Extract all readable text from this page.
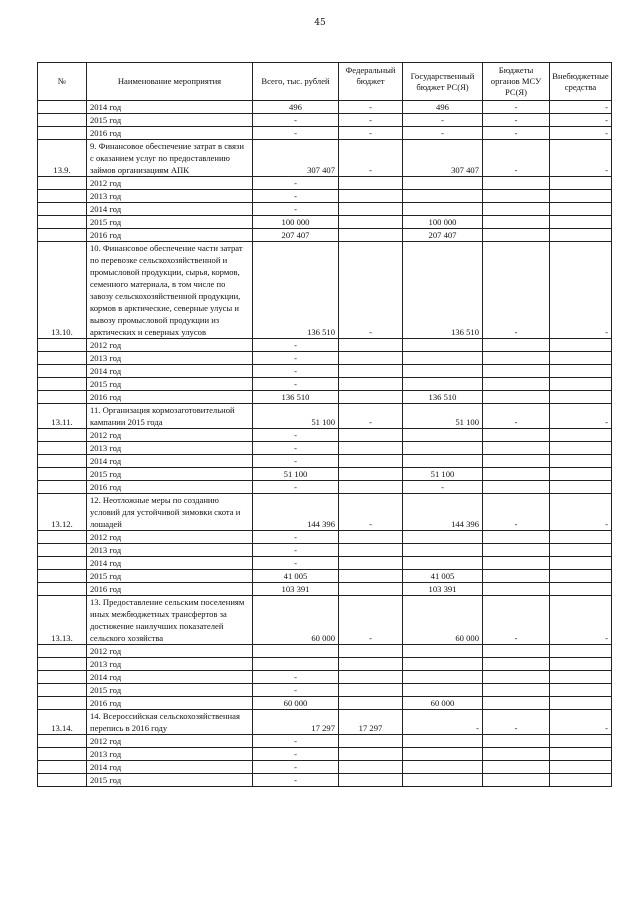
45
№	Наименование мероприятия	Всего, тыс. рублей	Федеральный бюджет	Государственный бюджет РС(Я)	Бюджеты органов МСУ РС(Я)	Внебюджетные средства
	2014 год	496	-	496	-	-
	2015 год	-	-	-	-	-
	2016 год	-	-	-	-	-
13.9.	9. Финансовое обеспечение затрат в связи с оказанием услуг по предоставлению займов организациям АПК	307 407	-	307 407	-	-
	2012 год	-				
	2013 год	-				
	2014 год	-				
	2015 год	100 000		100 000		
	2016 год	207 407		207 407		
13.10.	10. Финансовое обеспечение части затрат по перевозке сельскохозяйственной и промысловой продукции, сырья, кормов, семенного материала, в том числе по завозу сельскохозяйственной продукции, кормов в арктические, северные улусы и вывозу промысловой продукции из арктических и северных улусов	136 510	-	136 510	-	-
	2012 год	-				
	2013 год	-				
	2014 год	-				
	2015 год	-				
	2016 год	136 510		136 510		
13.11.	11. Организация кормозаготовительной кампании 2015 года	51 100	-	51 100	-	-
	2012 год	-				
	2013 год	-				
	2014 год	-				
	2015 год	51 100		51 100		
	2016 год	-		-		
13.12.	12. Неотложные меры по созданию условий для устойчивой зимовки скота и лошадей	144 396	-	144 396	-	-
	2012 год	-				
	2013 год	-				
	2014 год	-				
	2015 год	41 005		41 005		
	2016 год	103 391		103 391		
13.13.	13. Предоставление сельским поселениям иных межбюджетных трансфертов за достижение наилучших показателей сельского хозяйства	60 000	-	60 000	-	-
	2012 год					
	2013 год					
	2014 год	-				
	2015 год	-				
	2016 год	60 000		60 000		
13.14.	14. Всероссийская сельскохозяйственная перепись в 2016 году	17 297	17 297	-	-	-
	2012 год	-				
	2013 год	-				
	2014 год	-				
	2015 год	-				
